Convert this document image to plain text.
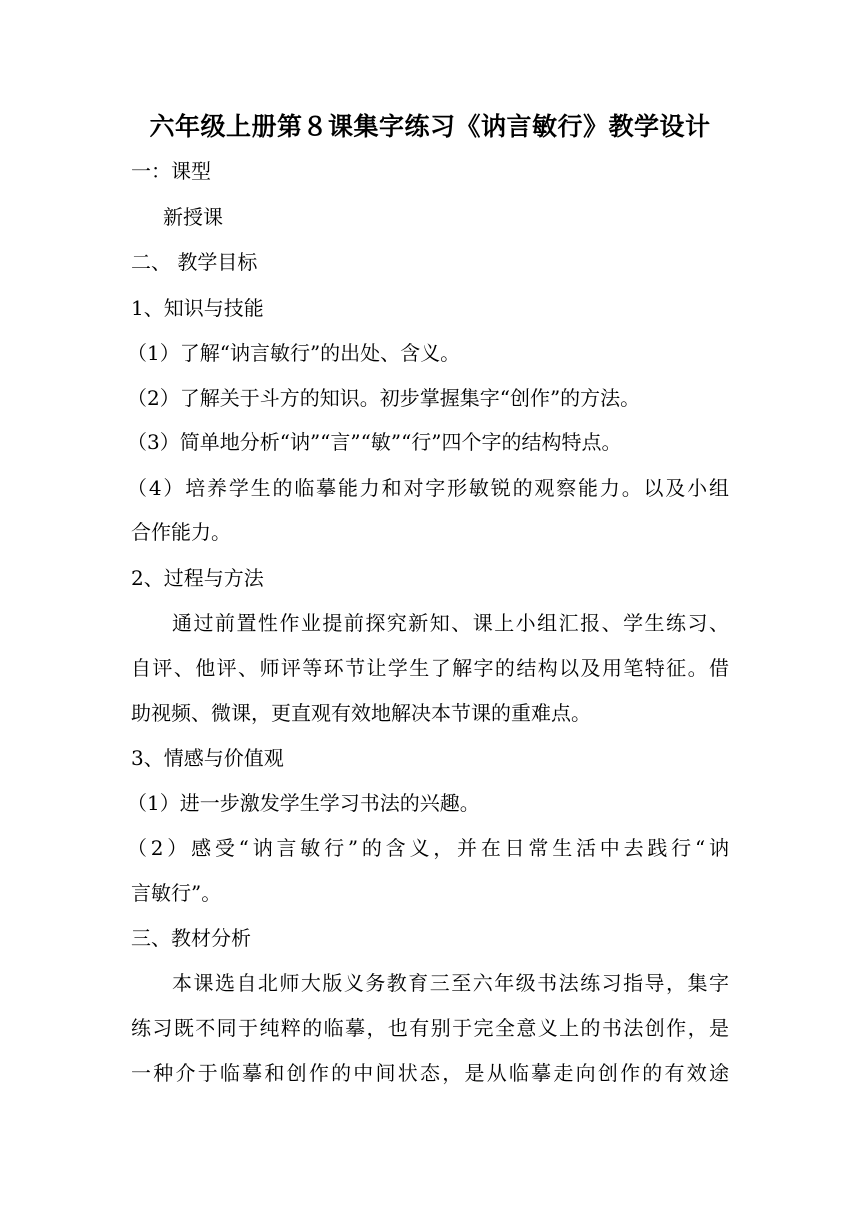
六年级上册第８课集字练习《讷言敏行》教学设计
一：课型
新授课
二、 教学目标
1、知识与技能
（1）了解“讷言敏行”的出处、含义。
（2）了解关于斗方的知识。初步掌握集字“创作”的方法。
（3）简单地分析“讷”“言”“敏”“行”四个字的结构特点。
（4）培养学生的临摹能力和对字形敏锐的观察能力。以及小组
合作能力。
2、过程与方法
通过前置性作业提前探究新知、课上小组汇报、学生练习、
自评、他评、师评等环节让学生了解字的结构以及用笔特征。借
助视频、微课，更直观有效地解决本节课的重难点。
3、情感与价值观
（1）进一步激发学生学习书法的兴趣。
（2）感受“讷言敏行”的含义，并在日常生活中去践行“讷
言敏行”。
三、教材分析
本课选自北师大版义务教育三至六年级书法练习指导，集字
练习既不同于纯粹的临摹，也有别于完全意义上的书法创作，是
一种介于临摹和创作的中间状态，是从临摹走向创作的有效途
